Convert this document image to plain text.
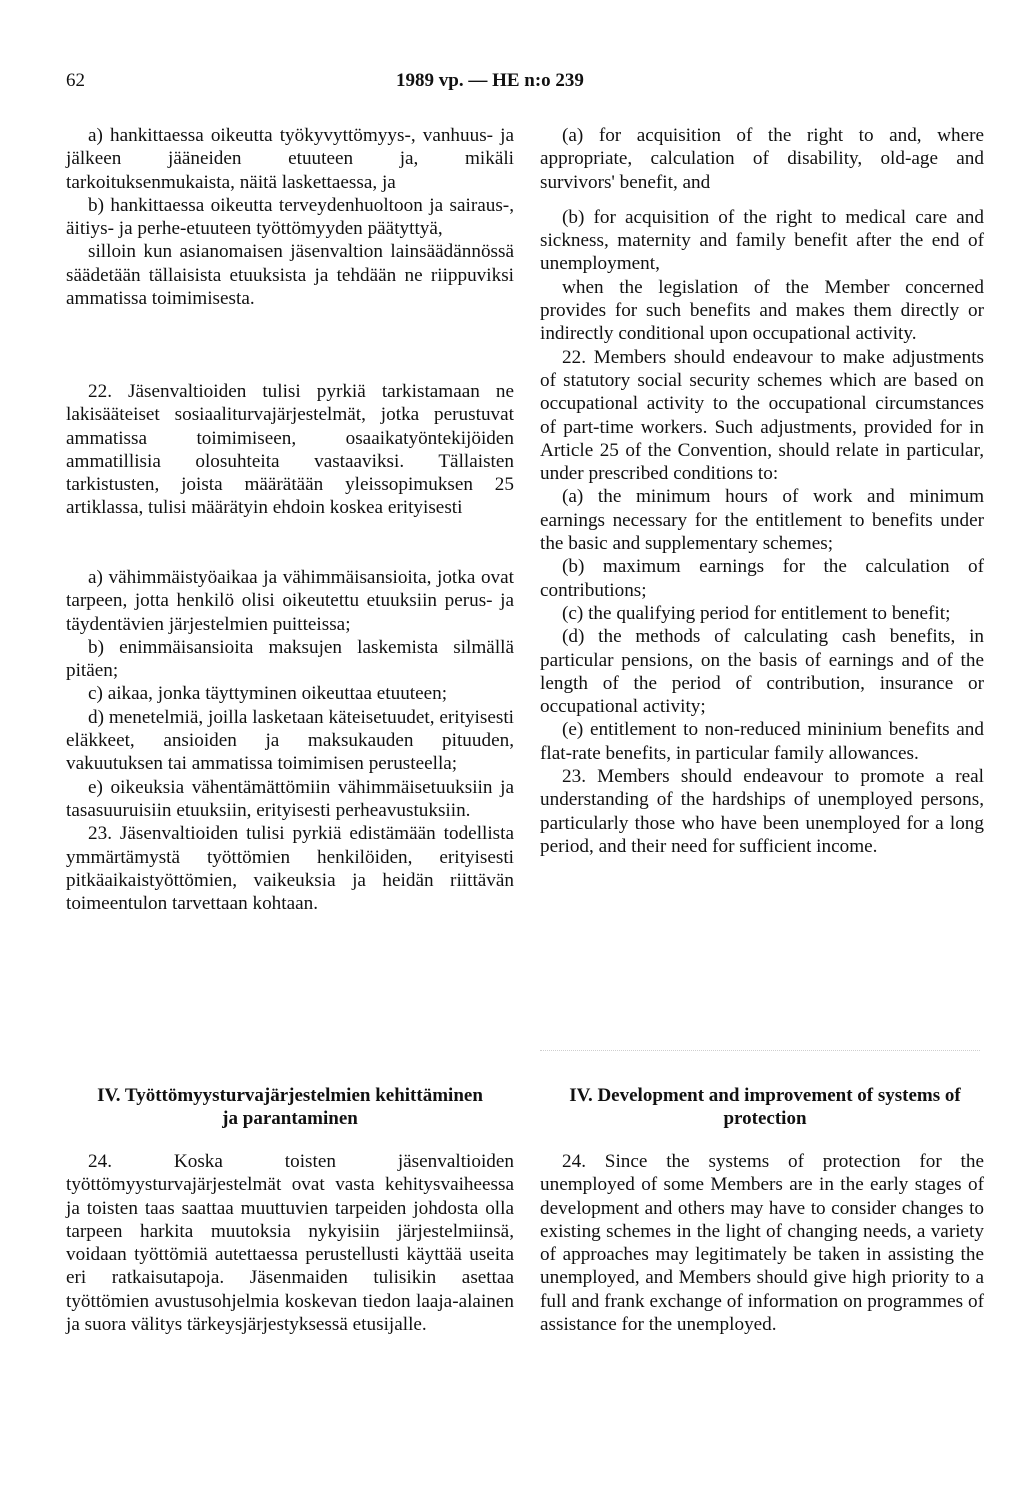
62	1989 vp. — HE n:o 239

a) hankittaessa oikeutta työkyvyttömyys-, vanhuus- ja jälkeen jääneiden etuuteen ja, mikäli tarkoituksenmukaista, näitä laskettaessa, ja

b) hankittaessa oikeutta terveydenhuoltoon ja sairaus-, äitiys- ja perhe-etuuteen työttömyyden päätyttyä,

silloin kun asianomaisen jäsenvaltion lainsäädännössä säädetään tällaisista etuuksista ja tehdään ne riippuviksi ammatissa toimimisesta.

22. Jäsenvaltioiden tulisi pyrkiä tarkistamaan ne lakisääteiset sosiaaliturvajärjestelmät, jotka perustuvat ammatissa toimimiseen, osaaikatyöntekijöiden ammatillisia olosuhteita vastaaviksi. Tällaisten tarkistusten, joista määrätään yleissopimuksen 25 artiklassa, tulisi määrätyin ehdoin koskea erityisesti

a) vähimmäistyöaikaa ja vähimmäisansioita, jotka ovat tarpeen, jotta henkilö olisi oikeutettu etuuksiin perus- ja täydentävien järjestelmien puitteissa;

b) enimmäisansioita maksujen laskemista silmällä pitäen;

c) aikaa, jonka täyttyminen oikeuttaa etuuteen;

d) menetelmiä, joilla lasketaan käteisetuudet, erityisesti eläkkeet, ansioiden ja maksukauden pituuden, vakuutuksen tai ammatissa toimimisen perusteella;

e) oikeuksia vähentämättömiin vähimmäisetuuksiin ja tasasuuruisiin etuuksiin, erityisesti perheavustuksiin.

23. Jäsenvaltioiden tulisi pyrkiä edistämään todellista ymmärtämystä työttömien henkilöiden, erityisesti pitkäaikaistyöttömien, vaikeuksia ja heidän riittävän toimeentulon tarvettaan kohtaan.

(a) for acquisition of the right to and, where appropriate, calculation of disability, old-age and survivors' benefit, and

(b) for acquisition of the right to medical care and sickness, maternity and family benefit after the end of unemployment,

when the legislation of the Member concerned provides for such benefits and makes them directly or indirectly conditional upon occupational activity.

22. Members should endeavour to make adjustments of statutory social security schemes which are based on occupational activity to the occupational circumstances of part-time workers. Such adjustments, provided for in Article 25 of the Convention, should relate in particular, under prescribed conditions to:

(a) the minimum hours of work and minimum earnings necessary for the entitlement to benefits under the basic and supplementary schemes;

(b) maximum earnings for the calculation of contributions;

(c) the qualifying period for entitlement to benefit;

(d) the methods of calculating cash benefits, in particular pensions, on the basis of earnings and of the length of the period of contribution, insurance or occupational activity;

(e) entitlement to non-reduced mininium benefits and flat-rate benefits, in particular family allowances.

23. Members should endeavour to promote a real understanding of the hardships of unemployed persons, particularly those who have been unemployed for a long period, and their need for sufficient income.

IV. Työttömyysturvajärjestelmien kehittäminen ja parantaminen
IV. Development and improvement of systems of protection

24. Koska toisten jäsenvaltioiden työttömyysturvajärjestelmät ovat vasta kehitysvaiheessa ja toisten taas saattaa muuttuvien tarpeiden johdosta olla tarpeen harkita muutoksia nykyisiin järjestelmiinsä, voidaan työttömiä autettaessa perustellusti käyttää useita eri ratkaisutapoja. Jäsenmaiden tulisikin asettaa työttömien avustusohjelmia koskevan tiedon laaja-alainen ja suora välitys tärkeysjärjestyksessä etusijalle.

24. Since the systems of protection for the unemployed of some Members are in the early stages of development and others may have to consider changes to existing schemes in the light of changing needs, a variety of approaches may legitimately be taken in assisting the unemployed, and Members should give high priority to a full and frank exchange of information on programmes of assistance for the unemployed.
